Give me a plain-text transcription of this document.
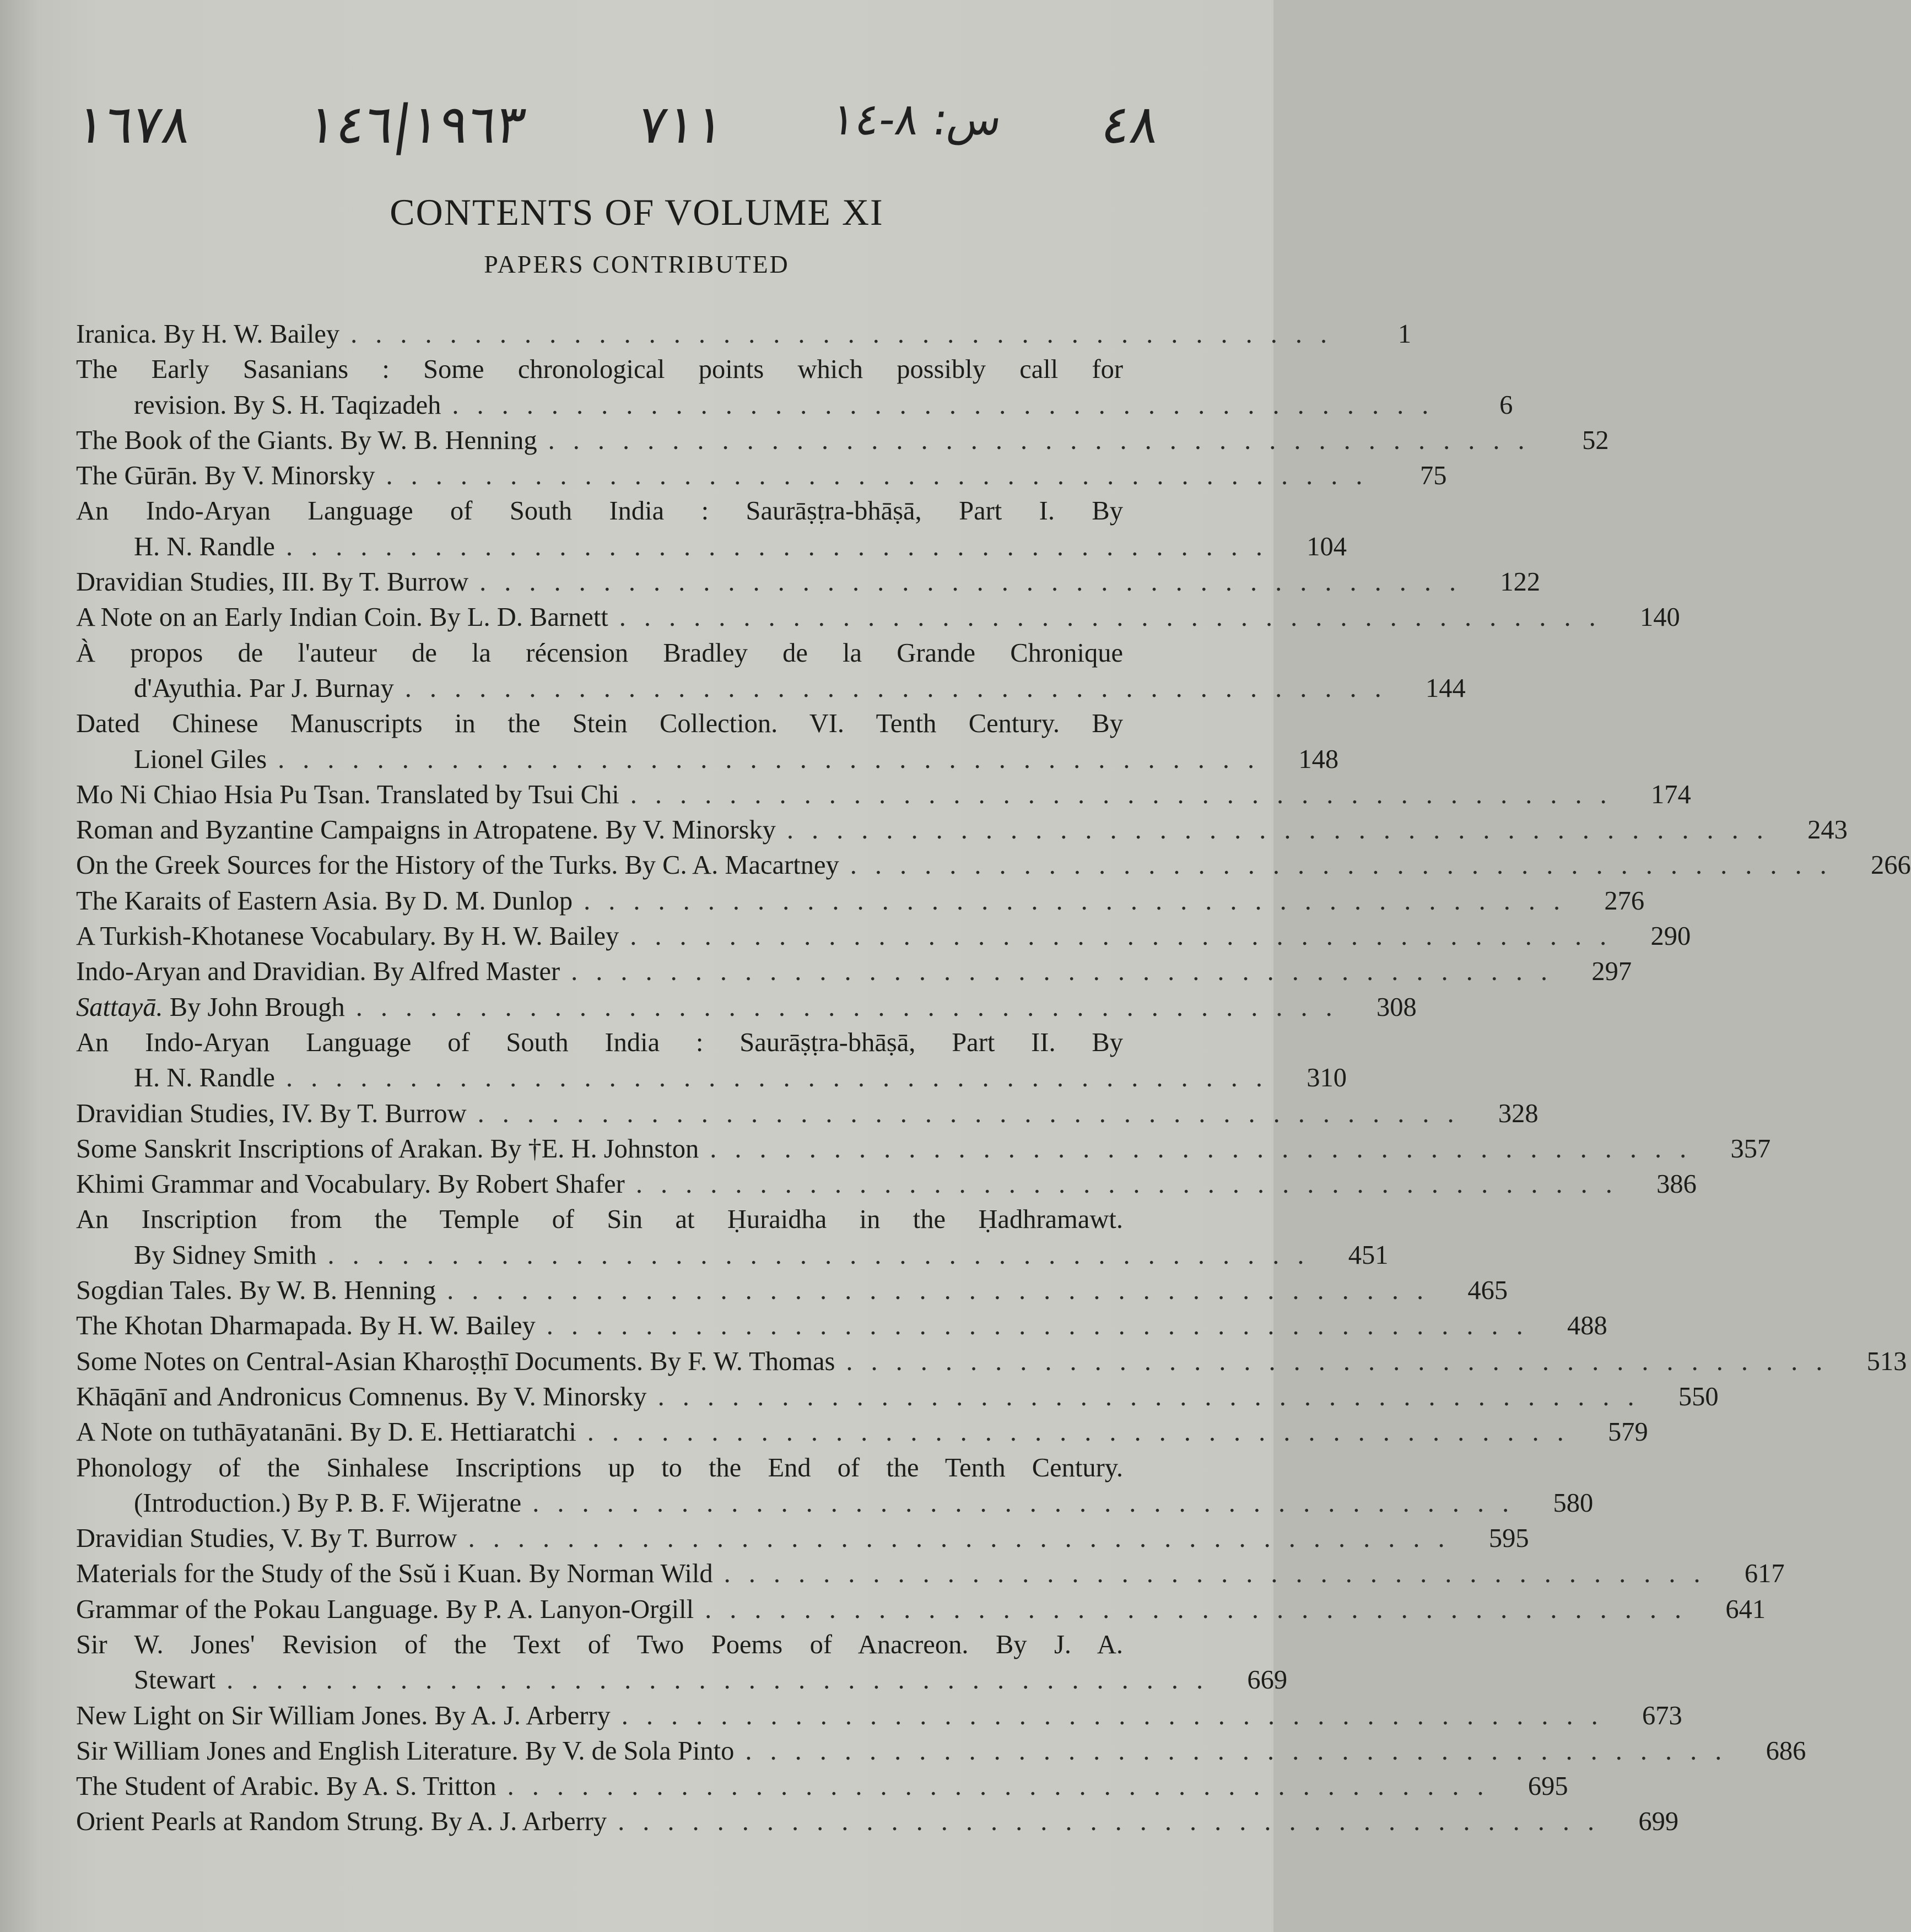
١٦٧٨ ١٩٦٣|١٤٦ ٧١١ س: ٨-١٤ ٤٨
CONTENTS OF VOLUME XI
PAPERS CONTRIBUTED
Iranica. By H. W. Bailey ........................................	1
The Early Sasanians : Some chronological points which possibly call for
revision. By S. H. Taqizadeh ........................................	6
The Book of the Giants. By W. B. Henning ........................................	52
The Gūrān. By V. Minorsky ........................................	75
An Indo-Aryan Language of South India : Saurāṣṭra-bhāṣā, Part I. By
H. N. Randle ........................................ 104
Dravidian Studies, III. By T. Burrow ........................................ 122
A Note on an Early Indian Coin. By L. D. Barnett ........................................ 140
À propos de l'auteur de la récension Bradley de la Grande Chronique
d'Ayuthia. Par J. Burnay ........................................ 144
Dated Chinese Manuscripts in the Stein Collection. VI. Tenth Century. By
Lionel Giles ........................................ 148
Mo Ni Chiao Hsia Pu Tsan. Translated by Tsui Chi ........................................ 174
Roman and Byzantine Campaigns in Atropatene. By V. Minorsky ........................................ 243
On the Greek Sources for the History of the Turks. By C. A. Macartney ........................................ 266
The Karaits of Eastern Asia. By D. M. Dunlop ........................................ 276
A Turkish-Khotanese Vocabulary. By H. W. Bailey ........................................ 290
Indo-Aryan and Dravidian. By Alfred Master ........................................ 297
Sattayā. By John Brough ........................................ 308
An Indo-Aryan Language of South India : Saurāṣṭra-bhāṣā, Part II. By
H. N. Randle ........................................ 310
Dravidian Studies, IV. By T. Burrow ........................................ 328
Some Sanskrit Inscriptions of Arakan. By †E. H. Johnston ........................................ 357
Khimi Grammar and Vocabulary. By Robert Shafer ........................................ 386
An Inscription from the Temple of Sin at Ḥuraidha in the Ḥadhramawt.
By Sidney Smith ........................................ 451
Sogdian Tales. By W. B. Henning ........................................ 465
The Khotan Dharmapada. By H. W. Bailey ........................................ 488
Some Notes on Central-Asian Kharoṣṭhī Documents. By F. W. Thomas ........................................ 513
Khāqānī and Andronicus Comnenus. By V. Minorsky ........................................ 550
A Note on tuthāyatanāni. By D. E. Hettiaratchi ........................................ 579
Phonology of the Sinhalese Inscriptions up to the End of the Tenth Century.
(Introduction.) By P. B. F. Wijeratne ........................................ 580
Dravidian Studies, V. By T. Burrow ........................................ 595
Materials for the Study of the Ssŭ i Kuan. By Norman Wild ........................................ 617
Grammar of the Pokau Language. By P. A. Lanyon-Orgill ........................................ 641
Sir W. Jones' Revision of the Text of Two Poems of Anacreon. By J. A.
Stewart ........................................ 669
New Light on Sir William Jones. By A. J. Arberry ........................................ 673
Sir William Jones and English Literature. By V. de Sola Pinto ........................................ 686
The Student of Arabic. By A. S. Tritton ........................................ 695
Orient Pearls at Random Strung. By A. J. Arberry ........................................ 699
